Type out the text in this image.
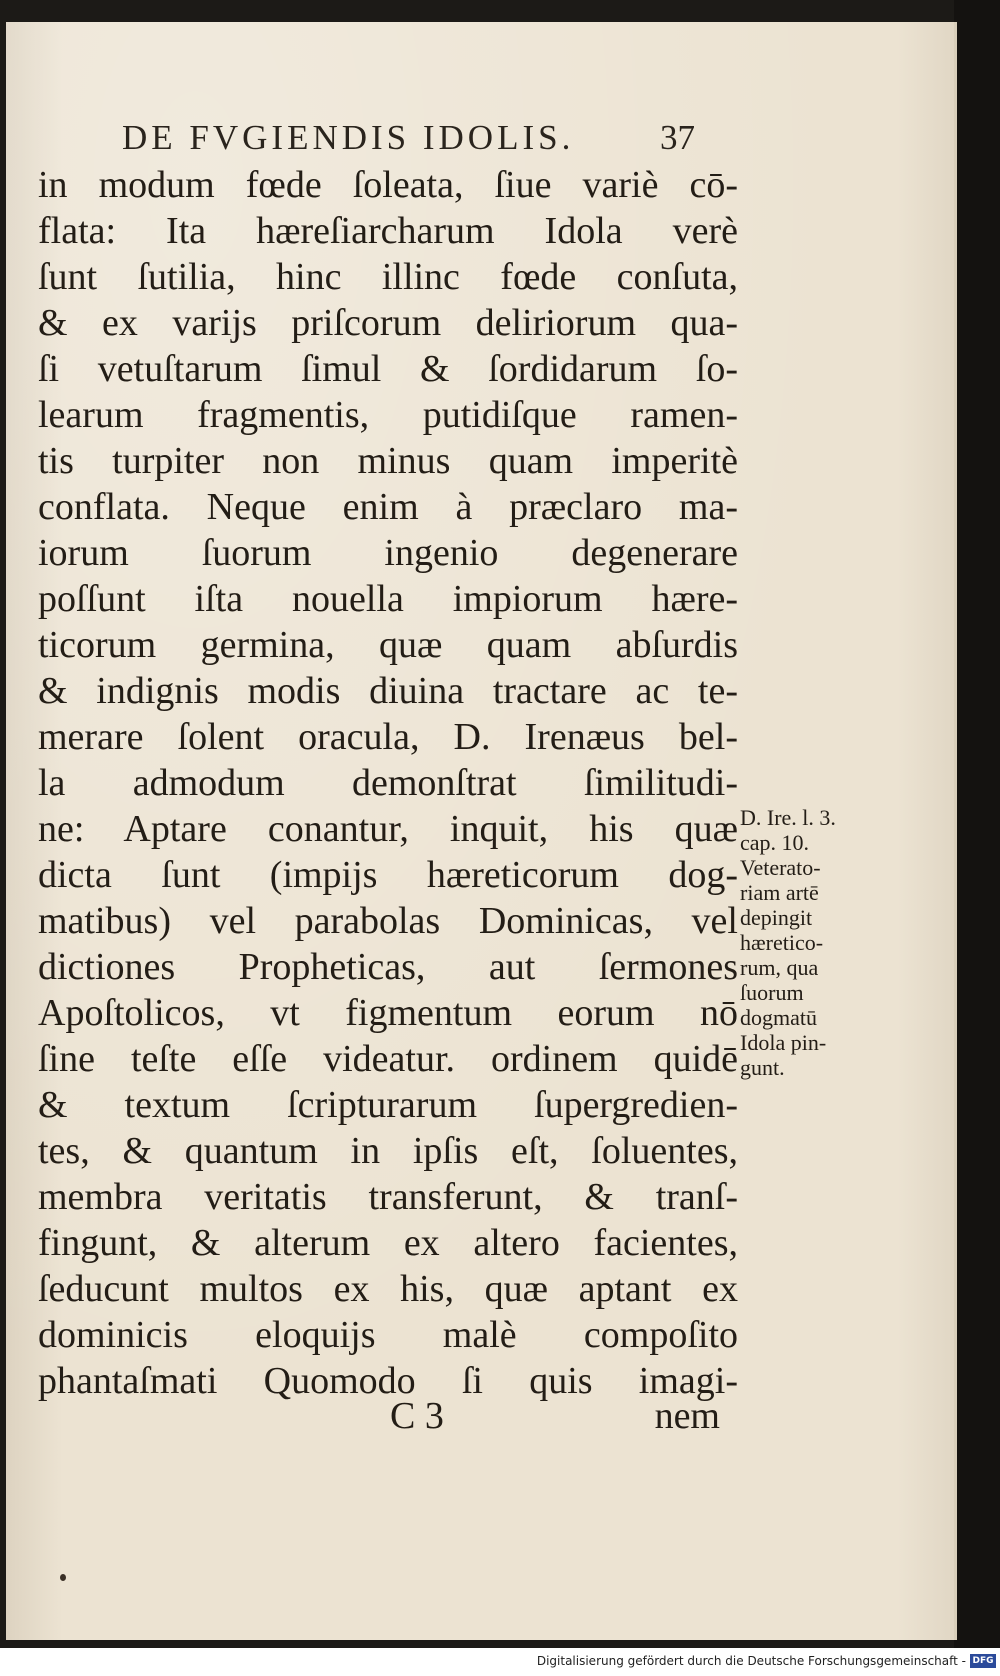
DE FVGIENDIS IDOLIS. 37
in modum fœde ſoleata, ſiue variè cō-
flata: Ita hæreſiarcharum Idola verè
ſunt ſutilia, hinc illinc fœde conſuta,
& ex varijs priſcorum deliriorum qua-
ſi vetuſtarum ſimul & ſordidarum ſo-
learum fragmentis, putidiſque ramen-
tis turpiter non minus quam imperitè
conflata. Neque enim à præclaro ma-
iorum ſuorum ingenio degenerare
poſſunt iſta nouella impiorum hære-
ticorum germina, quæ quam abſurdis
& indignis modis diuina tractare ac te-
merare ſolent oracula, D. Irenæus bel-
la admodum demonſtrat ſimilitudi-
ne: Aptare conantur, inquit, his quæ
dicta ſunt (impijs hæreticorum dog-
matibus) vel parabolas Dominicas, vel
dictiones Propheticas, aut ſermones
Apoſtolicos, vt figmentum eorum nō
ſine teſte eſſe videatur. ordinem quidē
& textum ſcripturarum ſupergredien-
tes, & quantum in ipſis eſt, ſoluentes,
membra veritatis transferunt, & tranſ-
fingunt, & alterum ex altero facientes,
ſeducunt multos ex his, quæ aptant ex
dominicis eloquijs malè compoſito
phantaſmati Quomodo ſi quis imagi-
D. Ire. l. 3.
cap. 10.
Veterato-
riam artē
depingit
hæretico-
rum, qua
ſuorum
dogmatū
Idola pin-
gunt.
C 3	nem
Digitalisierung gefördert durch die Deutsche Forschungsgemeinschaft - DFG
